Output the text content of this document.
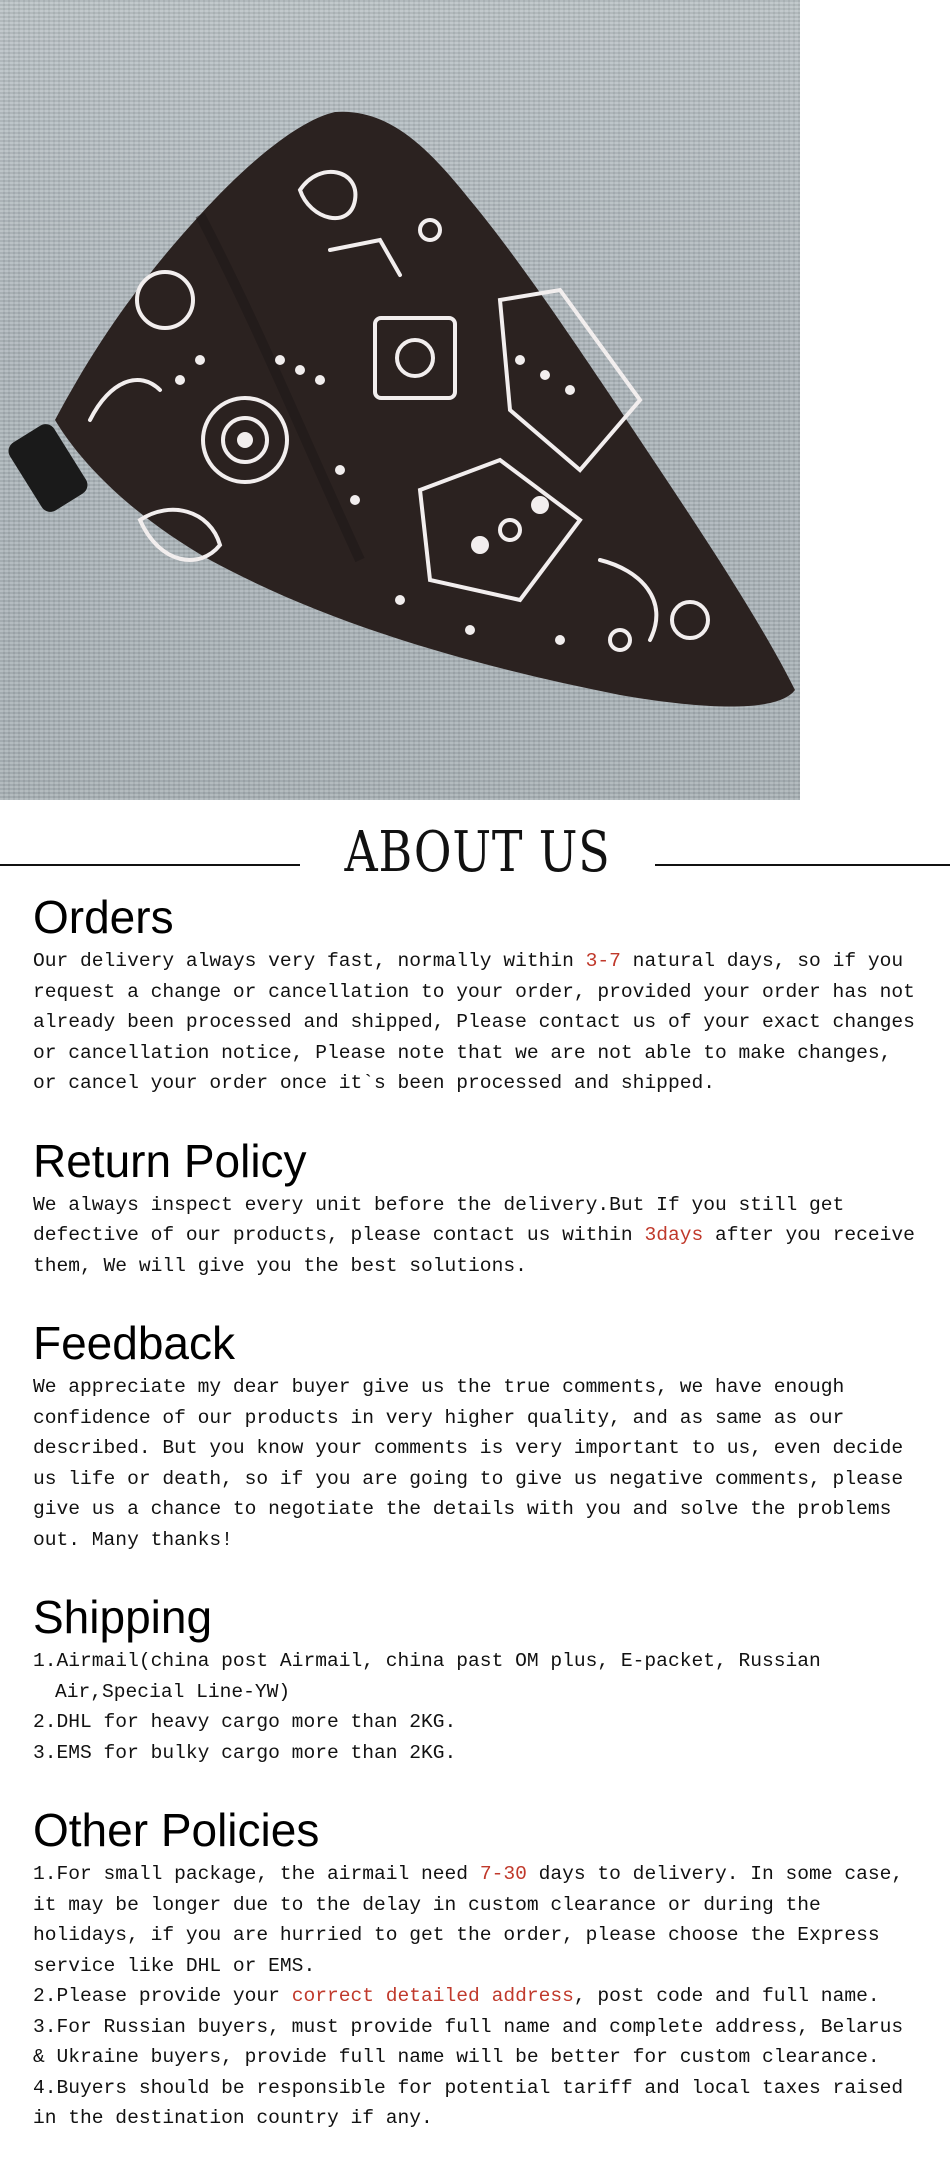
ABOUT US
Orders

Our delivery always very fast, normally within 3-7 natural days, so if you request a change or cancellation to your order, provided your order has not already been processed and shipped, Please contact us of your exact changes or cancellation notice, Please note that we are not able to make changes, or cancel your order once it`s been processed and shipped.

Return Policy

We always inspect every unit before the delivery.But If you still get defective of our products, please contact us within 3days after you receive them, We will give you the best solutions.

Feedback

We appreciate my dear buyer give us the true comments, we have enough confidence of our products in very higher quality, and as same as our described. But you know your comments is very important to us, even decide us life or death, so if you are going to give us negative comments, please give us a chance to negotiate the details with you and solve the problems out. Many thanks!

Shipping
1.Airmail(china post Airmail, china past OM plus, E-packet, Russian Air,Special Line-YW)
2.DHL for heavy cargo more than 2KG.
3.EMS for bulky cargo more than 2KG.
Other Policies
1.For small package, the airmail need 7-30 days to delivery. In some case, it may be longer due to the delay in custom clearance or during the holidays, if you are hurried to get the order, please choose the Express service like DHL or EMS.
2.Please provide your correct detailed address, post code and full name.
3.For Russian buyers, must provide full name and complete address, Belarus & Ukraine buyers, provide full name will be better for custom clearance.
4.Buyers should be responsible for potential tariff and local taxes raised in the destination country if any.
